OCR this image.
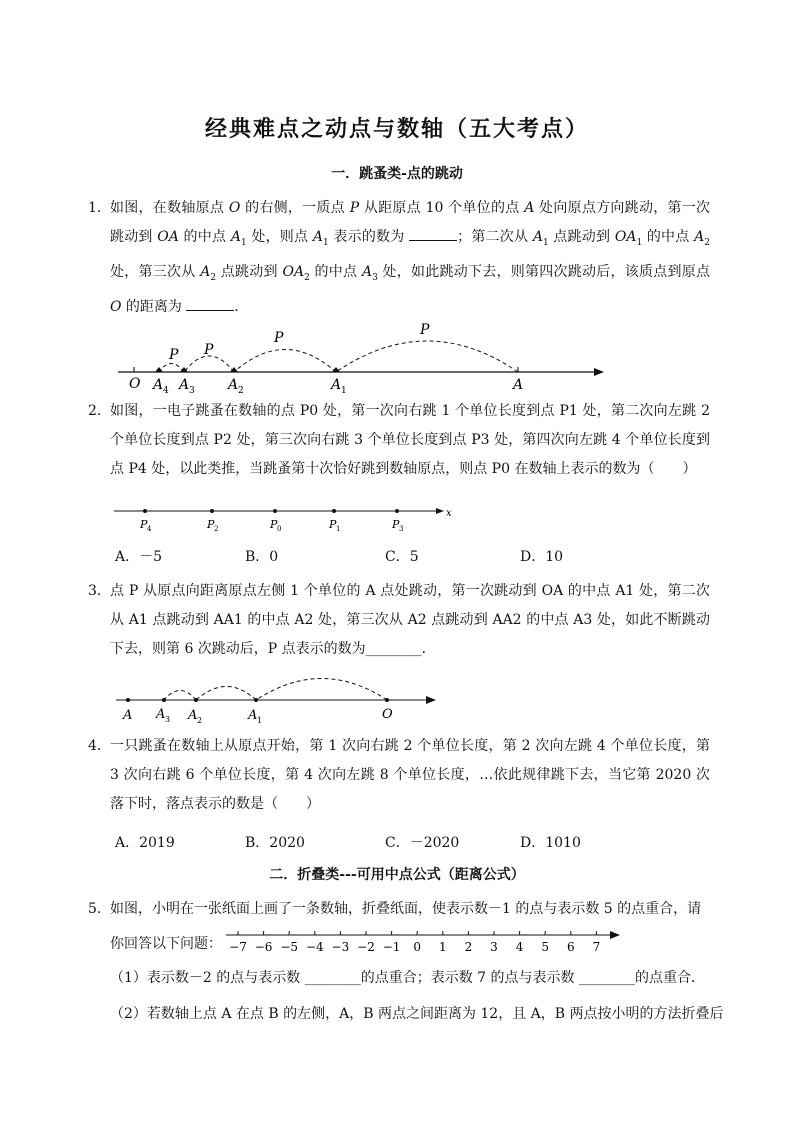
经典难点之动点与数轴（五大考点）
一．跳蚤类-点的跳动
1． 如图，在数轴原点 O 的右侧，一质点 P 从距原点 10 个单位的点 A 处向原点方向跳动，第一次跳动到 OA 的中点 $A_1$ 处，则点 $A_1$ 表示的数为	；第二次从 $A_1$ 点跳动到 $OA_1$ 的中点 $A_2$ 处，第三次从 $A_2$ 点跳动到 $OA_2$ 的中点 $A_3$ 处，如此跳动下去，则第四次跳动后，该质点到原点 O 的距离为	．
P
P
P
P
O A 4 A 3 A 2	A 1	A
2． 如图，一电子跳蚤在数轴的点 P0 处，第一次向右跳 1 个单位长度到点 P1 处，第二次向左跳 2 个单位长度到点 P2 处，第三次向右跳 3 个单位长度到点 P3 处，第四次向左跳 4 个单位长度到点 P4 处，以此类推，当跳蚤第十次恰好跳到数轴原点，则点 P0 在数轴上表示的数为（　　）
P 4	P 2	P 0	P 1	P 3
x
A．－5	B．0	C．5	D．10
3． 点 P 从原点向距离原点左侧 1 个单位的 A 点处跳动，第一次跳动到 OA 的中点 A1 处，第二次从 A1 点跳动到 AA1 的中点 A2 处，第三次从 A2 点跳动到 AA2 的中点 A3 处，如此不断跳动下去，则第 6 次跳动后，P 点表示的数为________．
A A 3 A 2	A 1	O
4． 一只跳蚤在数轴上从原点开始，第 1 次向右跳 2 个单位长度，第 2 次向左跳 4 个单位长度，第 3 次向右跳 6 个单位长度，第 4 次向左跳 8 个单位长度，…依此规律跳下去，当它第 2020 次落下时，落点表示的数是（　　）
A．2019	B．2020	C．－2020	D．1010
二．折叠类---可用中点公式（距离公式）
5． 如图，小明在一张纸面上画了一条数轴，折叠纸面，使表示数－1 的点与表示数 5 的点重合，请
你回答以下问题： −7 −6 −5 −4 −3 −2 −1 0 1 2 3 4 5 6 7
（1）表示数－2 的点与表示数 ________的点重合；表示数 7 的点与表示数 ________的点重合．
（2）若数轴上点 A 在点 B 的左侧，A，B 两点之间距离为 12，且 A，B 两点按小明的方法折叠后
